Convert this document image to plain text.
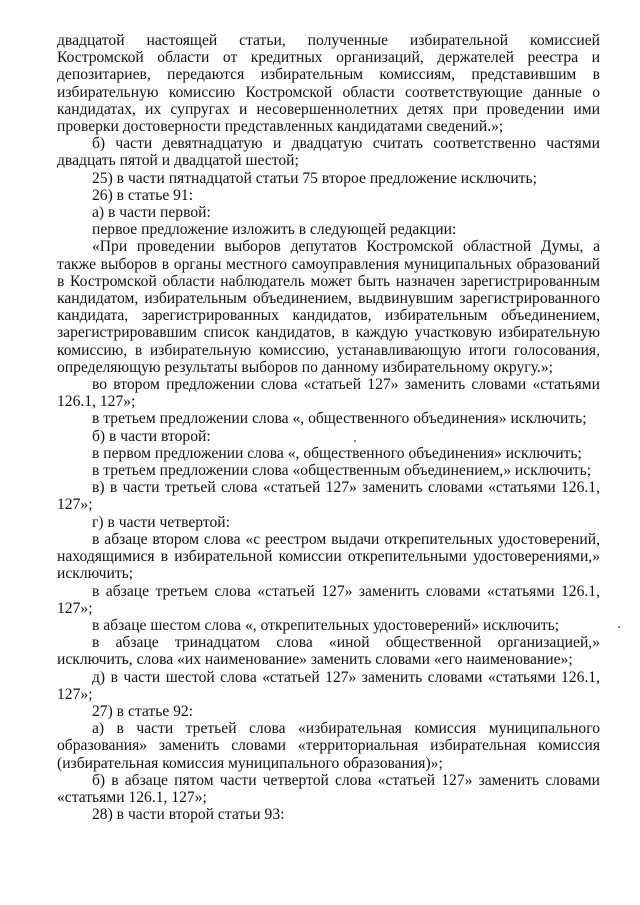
двадцатой настоящей статьи, полученные избирательной комиссией Костромской области от кредитных организаций, держателей реестра и депозитариев, передаются избирательным комиссиям, представившим в избирательную комиссию Костромской области соответствующие данные о кандидатах, их супругах и несовершеннолетних детях при проведении ими проверки достоверности представленных кандидатами сведений.»;

б) части девятнадцатую и двадцатую считать соответственно частями двадцать пятой и двадцатой шестой;

25) в части пятнадцатой статьи 75 второе предложение исключить;

26) в статье 91:

а) в части первой:

первое предложение изложить в следующей редакции:

«При проведении выборов депутатов Костромской областной Думы, а также выборов в органы местного самоуправления муниципальных образований в Костромской области наблюдатель может быть назначен зарегистрированным кандидатом, избирательным объединением, выдвинувшим зарегистрированного кандидата, зарегистрированных кандидатов, избирательным объединением, зарегистрировавшим список кандидатов, в каждую участковую избирательную комиссию, в избирательную комиссию, устанавливающую итоги голосования, определяющую результаты выборов по данному избирательному округу.»;

во втором предложении слова «статьей 127» заменить словами «статьями 126.1, 127»;

в третьем предложении слова «, общественного объединения» исключить;

б) в части второй:

в первом предложении слова «, общественного объединения» исключить;

в третьем предложении слова «общественным объединением,» исключить;

в) в части третьей слова «статьей 127» заменить словами «статьями 126.1, 127»;

г) в части четвертой:

в абзаце втором слова «с реестром выдачи открепительных удостоверений, находящимися в избирательной комиссии открепительными удостоверениями,» исключить;

в абзаце третьем слова «статьей 127» заменить словами «статьями 126.1, 127»;

в абзаце шестом слова «, открепительных удостоверений» исключить;

в абзаце тринадцатом слова «иной общественной организацией,» исключить, слова «их наименование» заменить словами «его наименование»;

д) в части шестой слова «статьей 127» заменить словами «статьями 126.1, 127»;

27) в статье 92:

а) в части третьей слова «избирательная комиссия муниципального образования» заменить словами «территориальная избирательная комиссия (избирательная комиссия муниципального образования)»;

б) в абзаце пятом части четвертой слова «статьей 127» заменить словами «статьями 126.1, 127»;

28) в части второй статьи 93:
